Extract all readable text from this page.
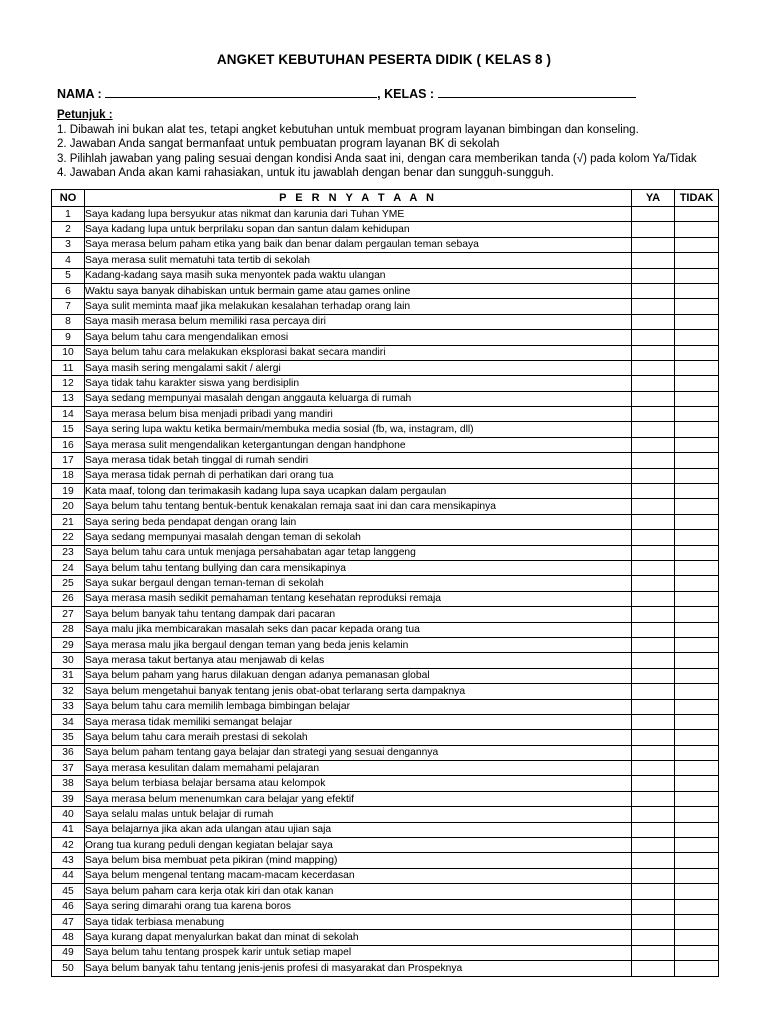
ANGKET KEBUTUHAN PESERTA DIDIK ( KELAS 8 )
NAMA :	, KELAS :
Petunjuk :
1. Dibawah ini bukan alat tes, tetapi angket kebutuhan untuk membuat program layanan bimbingan dan konseling.
2. Jawaban Anda sangat bermanfaat untuk pembuatan program layanan BK di sekolah
3. Pilihlah jawaban yang paling sesuai dengan kondisi Anda saat ini, dengan cara memberikan tanda (√) pada kolom Ya/Tidak
4. Jawaban Anda akan kami rahasiakan, untuk itu jawablah dengan benar dan sungguh-sungguh.
NO	P E R N Y A T A A N	YA	TIDAK
1	Saya kadang lupa bersyukur atas nikmat dan karunia dari Tuhan YME		
2	Saya kadang lupa untuk berprilaku sopan dan santun dalam kehidupan		
3	Saya merasa belum paham etika yang baik dan benar dalam pergaulan teman sebaya		
4	Saya merasa sulit mematuhi tata tertib di sekolah		
5	Kadang-kadang saya masih suka menyontek pada waktu ulangan		
6	Waktu saya banyak dihabiskan untuk bermain game atau games online		
7	Saya sulit meminta maaf jika melakukan kesalahan terhadap orang lain		
8	Saya masih merasa belum memiliki rasa percaya diri		
9	Saya belum tahu cara mengendalikan emosi		
10	Saya belum tahu cara melakukan eksplorasi bakat secara mandiri		
11	Saya masih sering mengalami sakit / alergi		
12	Saya tidak tahu karakter siswa yang berdisiplin		
13	Saya sedang mempunyai masalah dengan anggauta keluarga di rumah		
14	Saya merasa belum bisa menjadi pribadi yang mandiri		
15	Saya sering lupa waktu ketika bermain/membuka media sosial (fb, wa, instagram, dll)		
16	Saya merasa sulit mengendalikan ketergantungan dengan handphone		
17	Saya merasa tidak betah tinggal di rumah sendiri		
18	Saya merasa tidak pernah di perhatikan dari orang tua		
19	Kata maaf, tolong dan terimakasih kadang lupa saya ucapkan dalam pergaulan		
20	Saya belum tahu tentang bentuk-bentuk kenakalan remaja saat ini dan cara mensikapinya		
21	Saya sering beda pendapat dengan orang lain		
22	Saya sedang mempunyai masalah dengan teman di sekolah		
23	Saya belum tahu cara untuk menjaga persahabatan agar tetap langgeng		
24	Saya belum tahu tentang bullying dan cara mensikapinya		
25	Saya sukar bergaul dengan teman-teman di sekolah		
26	Saya merasa masih sedikit pemahaman tentang kesehatan reproduksi remaja		
27	Saya belum banyak tahu tentang dampak dari pacaran		
28	Saya malu jika membicarakan masalah seks dan pacar kepada orang tua		
29	Saya merasa malu jika bergaul dengan teman yang beda jenis kelamin		
30	Saya merasa takut bertanya atau menjawab di kelas		
31	Saya belum paham yang harus dilakuan dengan adanya pemanasan global		
32	Saya belum mengetahui banyak tentang jenis obat-obat terlarang serta dampaknya		
33	Saya belum tahu cara memilih lembaga bimbingan belajar		
34	Saya merasa tidak memiliki semangat belajar		
35	Saya belum tahu cara meraih prestasi di sekolah		
36	Saya belum paham tentang gaya belajar dan strategi yang sesuai dengannya		
37	Saya merasa kesulitan dalam memahami pelajaran		
38	Saya belum terbiasa belajar bersama atau kelompok		
39	Saya merasa belum menenumkan cara belajar yang efektif		
40	Saya selalu malas untuk belajar di rumah		
41	Saya belajarnya jika akan ada ulangan atau ujian saja		
42	Orang tua kurang peduli dengan kegiatan belajar saya		
43	Saya belum bisa membuat peta pikiran (mind mapping)		
44	Saya belum mengenal tentang macam-macam kecerdasan		
45	Saya belum paham cara kerja otak kiri dan otak kanan		
46	Saya sering dimarahi orang tua karena boros		
47	Saya tidak terbiasa menabung		
48	Saya kurang dapat menyalurkan bakat dan minat di sekolah		
49	Saya belum tahu tentang prospek karir untuk setiap mapel		
50	Saya belum banyak tahu tentang jenis-jenis profesi di masyarakat dan Prospeknya		
